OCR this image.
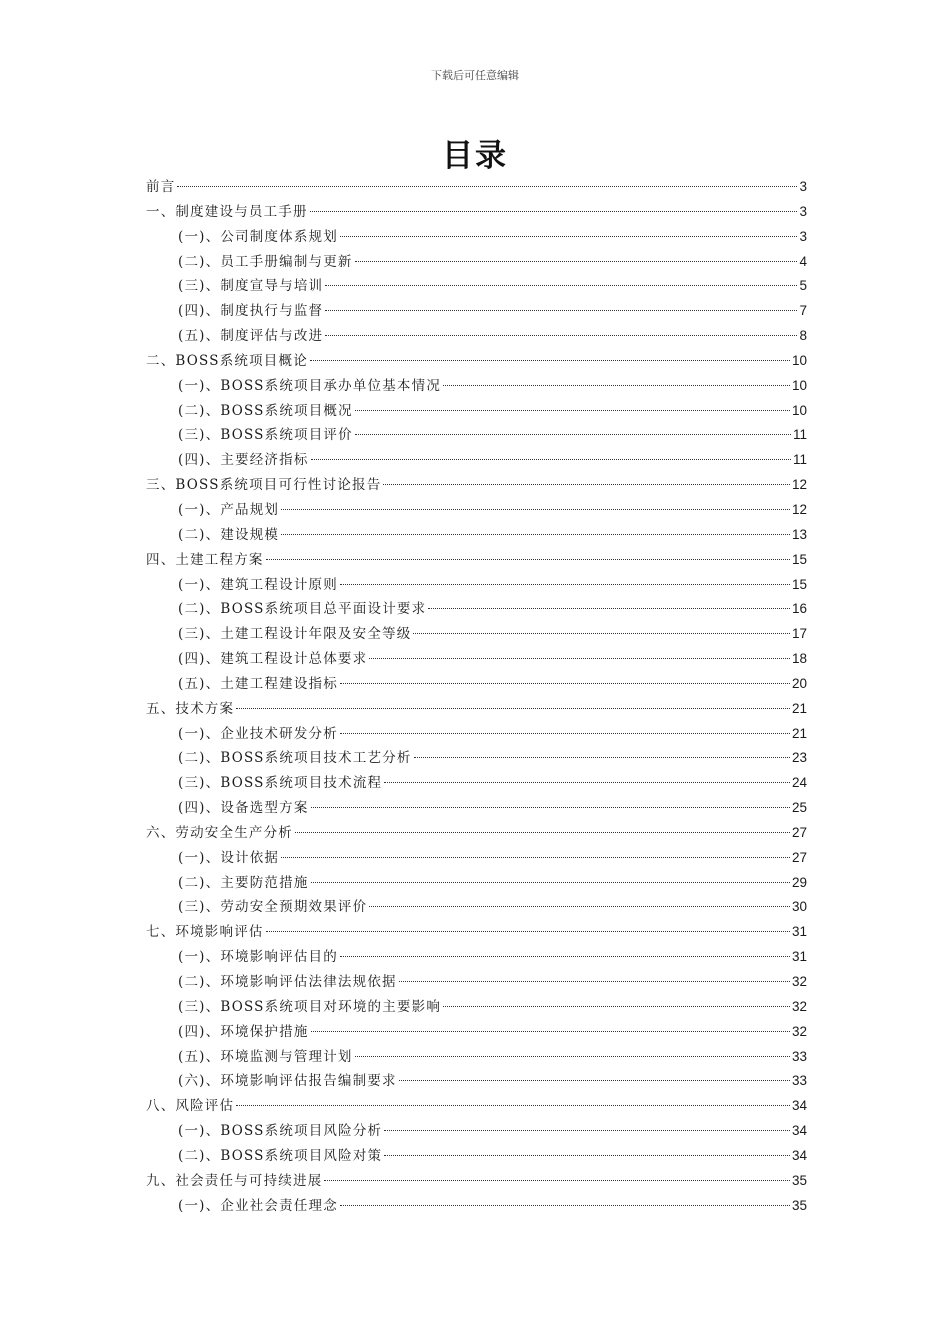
下载后可任意编辑
目录
前言	3
一、制度建设与员工手册	3
(一)、公司制度体系规划	3
(二)、员工手册编制与更新	4
(三)、制度宣导与培训	5
(四)、制度执行与监督	7
(五)、制度评估与改进	8
二、BOSS系统项目概论	10
(一)、BOSS系统项目承办单位基本情况	10
(二)、BOSS系统项目概况	10
(三)、BOSS系统项目评价	11
(四)、主要经济指标	11
三、BOSS系统项目可行性讨论报告	12
(一)、产品规划	12
(二)、建设规模	13
四、土建工程方案	15
(一)、建筑工程设计原则	15
(二)、BOSS系统项目总平面设计要求	16
(三)、土建工程设计年限及安全等级	17
(四)、建筑工程设计总体要求	18
(五)、土建工程建设指标	20
五、技术方案	21
(一)、企业技术研发分析	21
(二)、BOSS系统项目技术工艺分析	23
(三)、BOSS系统项目技术流程	24
(四)、设备选型方案	25
六、劳动安全生产分析	27
(一)、设计依据	27
(二)、主要防范措施	29
(三)、劳动安全预期效果评价	30
七、环境影响评估	31
(一)、环境影响评估目的	31
(二)、环境影响评估法律法规依据	32
(三)、BOSS系统项目对环境的主要影响	32
(四)、环境保护措施	32
(五)、环境监测与管理计划	33
(六)、环境影响评估报告编制要求	33
八、风险评估	34
(一)、BOSS系统项目风险分析	34
(二)、BOSS系统项目风险对策	34
九、社会责任与可持续进展	35
(一)、企业社会责任理念	35
